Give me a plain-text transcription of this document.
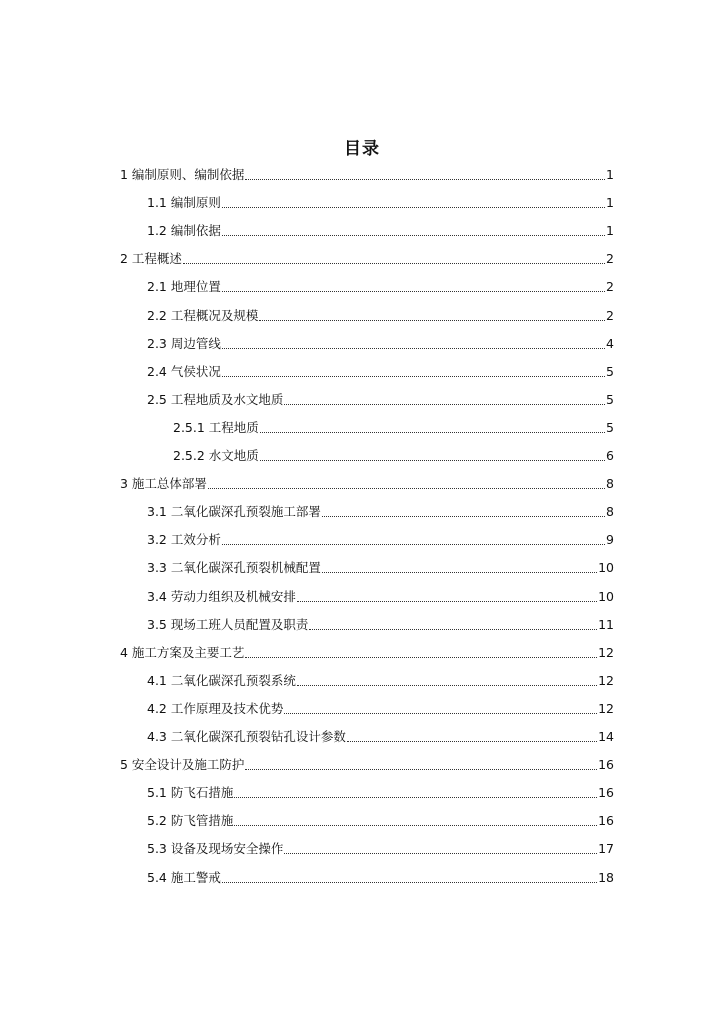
目录
1 编制原则、编制依据	1
1.1 编制原则	1
1.2 编制依据	1
2 工程概述	2
2.1 地理位置	2
2.2 工程概况及规模	2
2.3 周边管线	4
2.4 气侯状况	5
2.5 工程地质及水文地质	5
2.5.1 工程地质	5
2.5.2 水文地质	6
3 施工总体部署	8
3.1 二氧化碳深孔预裂施工部署	8
3.2 工效分析	9
3.3 二氧化碳深孔预裂机械配置	10
3.4 劳动力组织及机械安排	10
3.5 现场工班人员配置及职责	11
4 施工方案及主要工艺	12
4.1 二氧化碳深孔预裂系统	12
4.2 工作原理及技术优势	12
4.3 二氧化碳深孔预裂钻孔设计参数	14
5 安全设计及施工防护	16
5.1 防飞石措施	16
5.2 防飞管措施	16
5.3 设备及现场安全操作	17
5.4 施工警戒	18
